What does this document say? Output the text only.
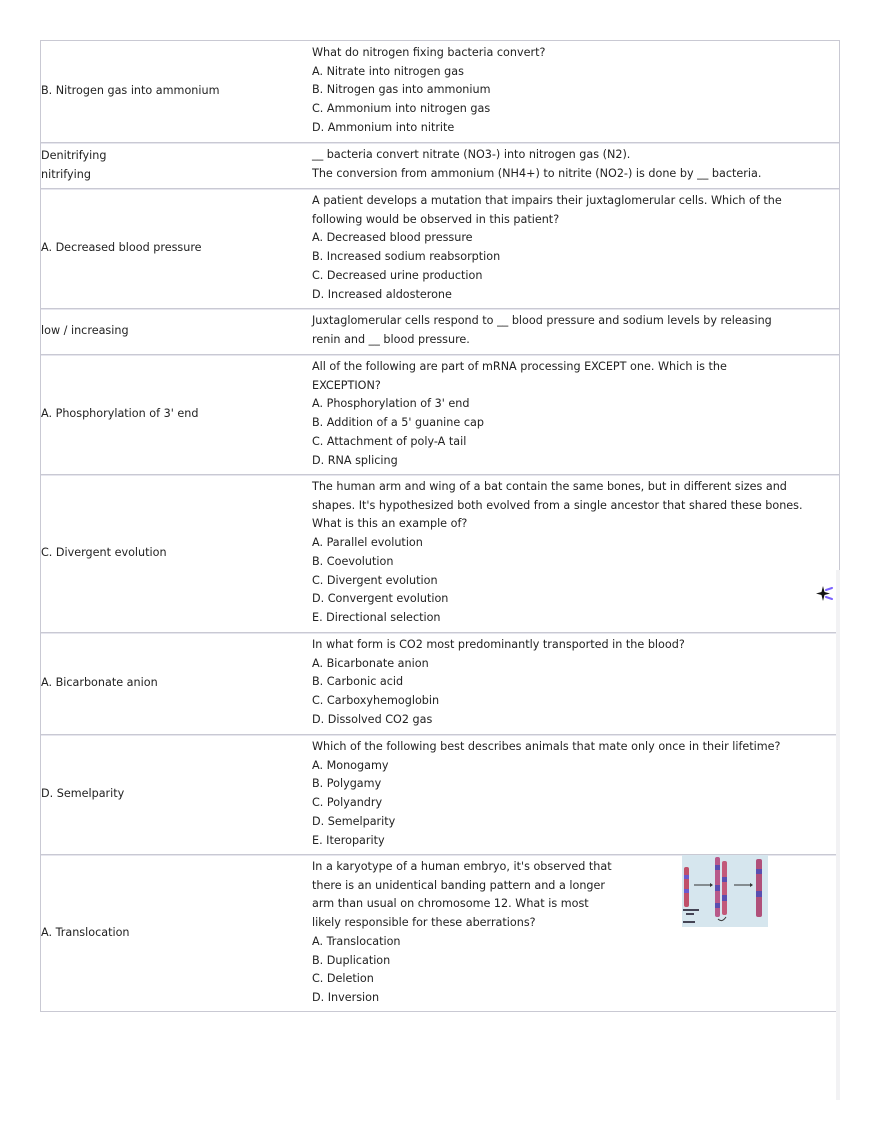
B. Nitrogen gas into ammonium
What do nitrogen fixing bacteria convert?
A. Nitrate into nitrogen gas
B. Nitrogen gas into ammonium
C. Ammonium into nitrogen gas
D. Ammonium into nitrite
Denitrifying
nitrifying
__ bacteria convert nitrate (NO3-) into nitrogen gas (N2).
The conversion from ammonium (NH4+) to nitrite (NO2-) is done by __ bacteria.
A. Decreased blood pressure
A patient develops a mutation that impairs their juxtaglomerular cells. Which of the
following would be observed in this patient?
A. Decreased blood pressure
B. Increased sodium reabsorption
C. Decreased urine production
D. Increased aldosterone
low / increasing
Juxtaglomerular cells respond to __ blood pressure and sodium levels by releasing
renin and __ blood pressure.
A. Phosphorylation of 3' end
All of the following are part of mRNA processing EXCEPT one. Which is the
EXCEPTION?
A. Phosphorylation of 3' end
B. Addition of a 5' guanine cap
C. Attachment of poly-A tail
D. RNA splicing
C. Divergent evolution
The human arm and wing of a bat contain the same bones, but in different sizes and
shapes. It's hypothesized both evolved from a single ancestor that shared these bones.
What is this an example of?
A. Parallel evolution
B. Coevolution
C. Divergent evolution
D. Convergent evolution
E. Directional selection
A. Bicarbonate anion
In what form is CO2 most predominantly transported in the blood?
A. Bicarbonate anion
B. Carbonic acid
C. Carboxyhemoglobin
D. Dissolved CO2 gas
D. Semelparity
Which of the following best describes animals that mate only once in their lifetime?
A. Monogamy
B. Polygamy
C. Polyandry
D. Semelparity
E. Iteroparity
A. Translocation
In a karyotype of a human embryo, it's observed that
there is an unidentical banding pattern and a longer
arm than usual on chromosome 12. What is most
likely responsible for these aberrations?
A. Translocation
B. Duplication
C. Deletion
D. Inversion
